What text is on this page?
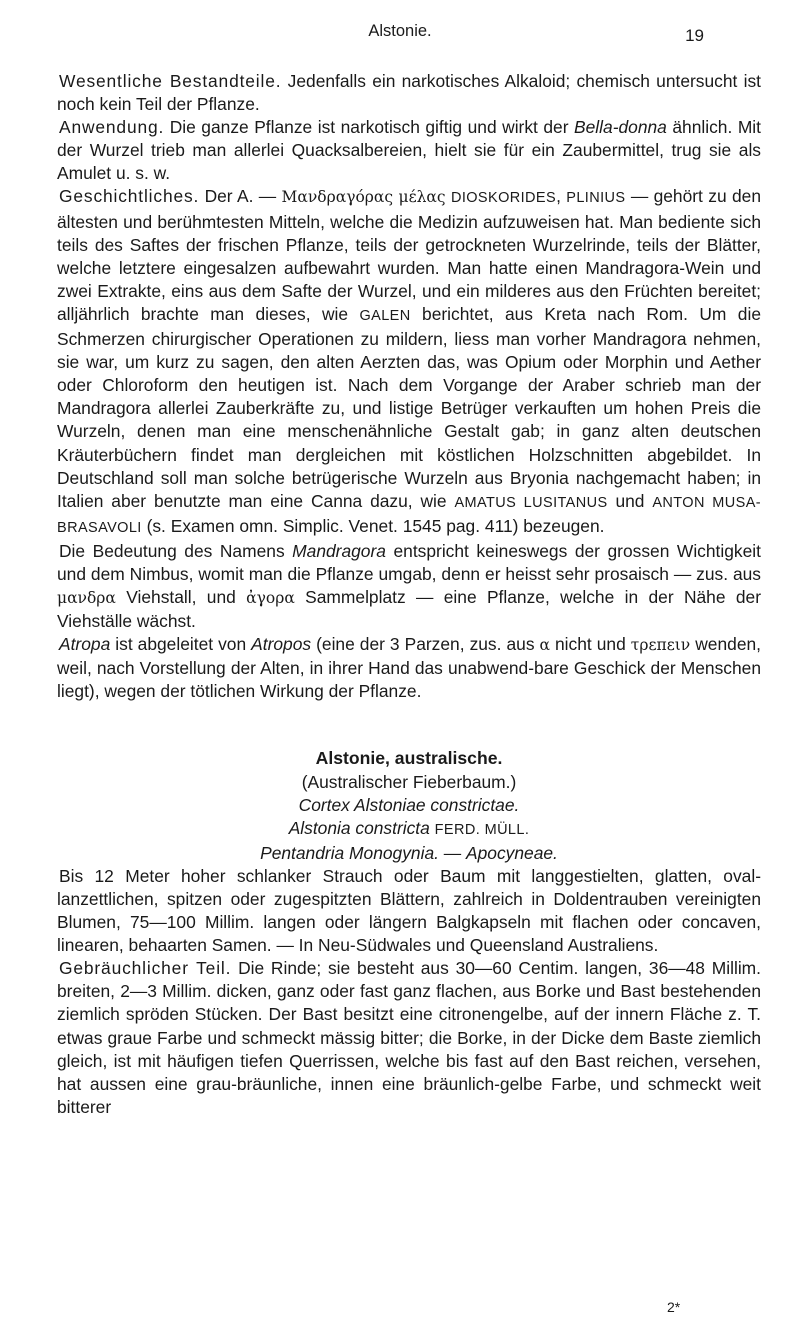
Alstonie.	19

Wesentliche Bestandteile. Jedenfalls ein narkotisches Alkaloid; chemisch untersucht ist noch kein Teil der Pflanze.

Anwendung. Die ganze Pflanze ist narkotisch giftig und wirkt der Bella-donna ähnlich. Mit der Wurzel trieb man allerlei Quacksalbereien, hielt sie für ein Zaubermittel, trug sie als Amulet u. s. w.

Geschichtliches. Der A. — Μανδραγόρας μέλας DIOSKORIDES, PLINIUS — gehört zu den ältesten und berühmtesten Mitteln, welche die Medizin aufzuweisen hat. Man bediente sich teils des Saftes der frischen Pflanze, teils der getrockneten Wurzelrinde, teils der Blätter, welche letztere eingesalzen aufbewahrt wurden. Man hatte einen Mandragora-Wein und zwei Extrakte, eins aus dem Safte der Wurzel, und ein milderes aus den Früchten bereitet; alljährlich brachte man dieses, wie GALEN berichtet, aus Kreta nach Rom. Um die Schmerzen chirurgischer Operationen zu mildern, liess man vorher Mandragora nehmen, sie war, um kurz zu sagen, den alten Aerzten das, was Opium oder Morphin und Aether oder Chloroform den heutigen ist. Nach dem Vorgange der Araber schrieb man der Mandragora allerlei Zauberkräfte zu, und listige Betrüger verkauften um hohen Preis die Wurzeln, denen man eine menschenähnliche Gestalt gab; in ganz alten deutschen Kräuterbüchern findet man dergleichen mit köstlichen Holzschnitten abgebildet. In Deutschland soll man solche betrügerische Wurzeln aus Bryonia nachgemacht haben; in Italien aber benutzte man eine Canna dazu, wie AMATUS LUSITANUS und ANTON MUSA-BRASAVOLI (s. Examen omn. Simplic. Venet. 1545 pag. 411) bezeugen.

Die Bedeutung des Namens Mandragora entspricht keineswegs der grossen Wichtigkeit und dem Nimbus, womit man die Pflanze umgab, denn er heisst sehr prosaisch — zus. aus μανδρα Viehstall, und ἀγορα Sammelplatz — eine Pflanze, welche in der Nähe der Viehställe wächst.

Atropa ist abgeleitet von Atropos (eine der 3 Parzen, zus. aus α nicht und τρεπειν wenden, weil, nach Vorstellung der Alten, in ihrer Hand das unabwend-bare Geschick der Menschen liegt), wegen der tötlichen Wirkung der Pflanze.

Alstonie, australische.

(Australischer Fieberbaum.)

Cortex Alstoniae constrictae.

Alstonia constricta FERD. MÜLL.

Pentandria Monogynia. — Apocyneae.

Bis 12 Meter hoher schlanker Strauch oder Baum mit langgestielten, glatten, oval-lanzettlichen, spitzen oder zugespitzten Blättern, zahlreich in Doldentrauben vereinigten Blumen, 75—100 Millim. langen oder längern Balgkapseln mit flachen oder concaven, linearen, behaarten Samen. — In Neu-Südwales und Queensland Australiens.

Gebräuchlicher Teil. Die Rinde; sie besteht aus 30—60 Centim. langen, 36—48 Millim. breiten, 2—3 Millim. dicken, ganz oder fast ganz flachen, aus Borke und Bast bestehenden ziemlich spröden Stücken. Der Bast besitzt eine citronengelbe, auf der innern Fläche z. T. etwas graue Farbe und schmeckt mässig bitter; die Borke, in der Dicke dem Baste ziemlich gleich, ist mit häufigen tiefen Querrissen, welche bis fast auf den Bast reichen, versehen, hat aussen eine grau-bräunliche, innen eine bräunlich-gelbe Farbe, und schmeckt weit bitterer

2*
